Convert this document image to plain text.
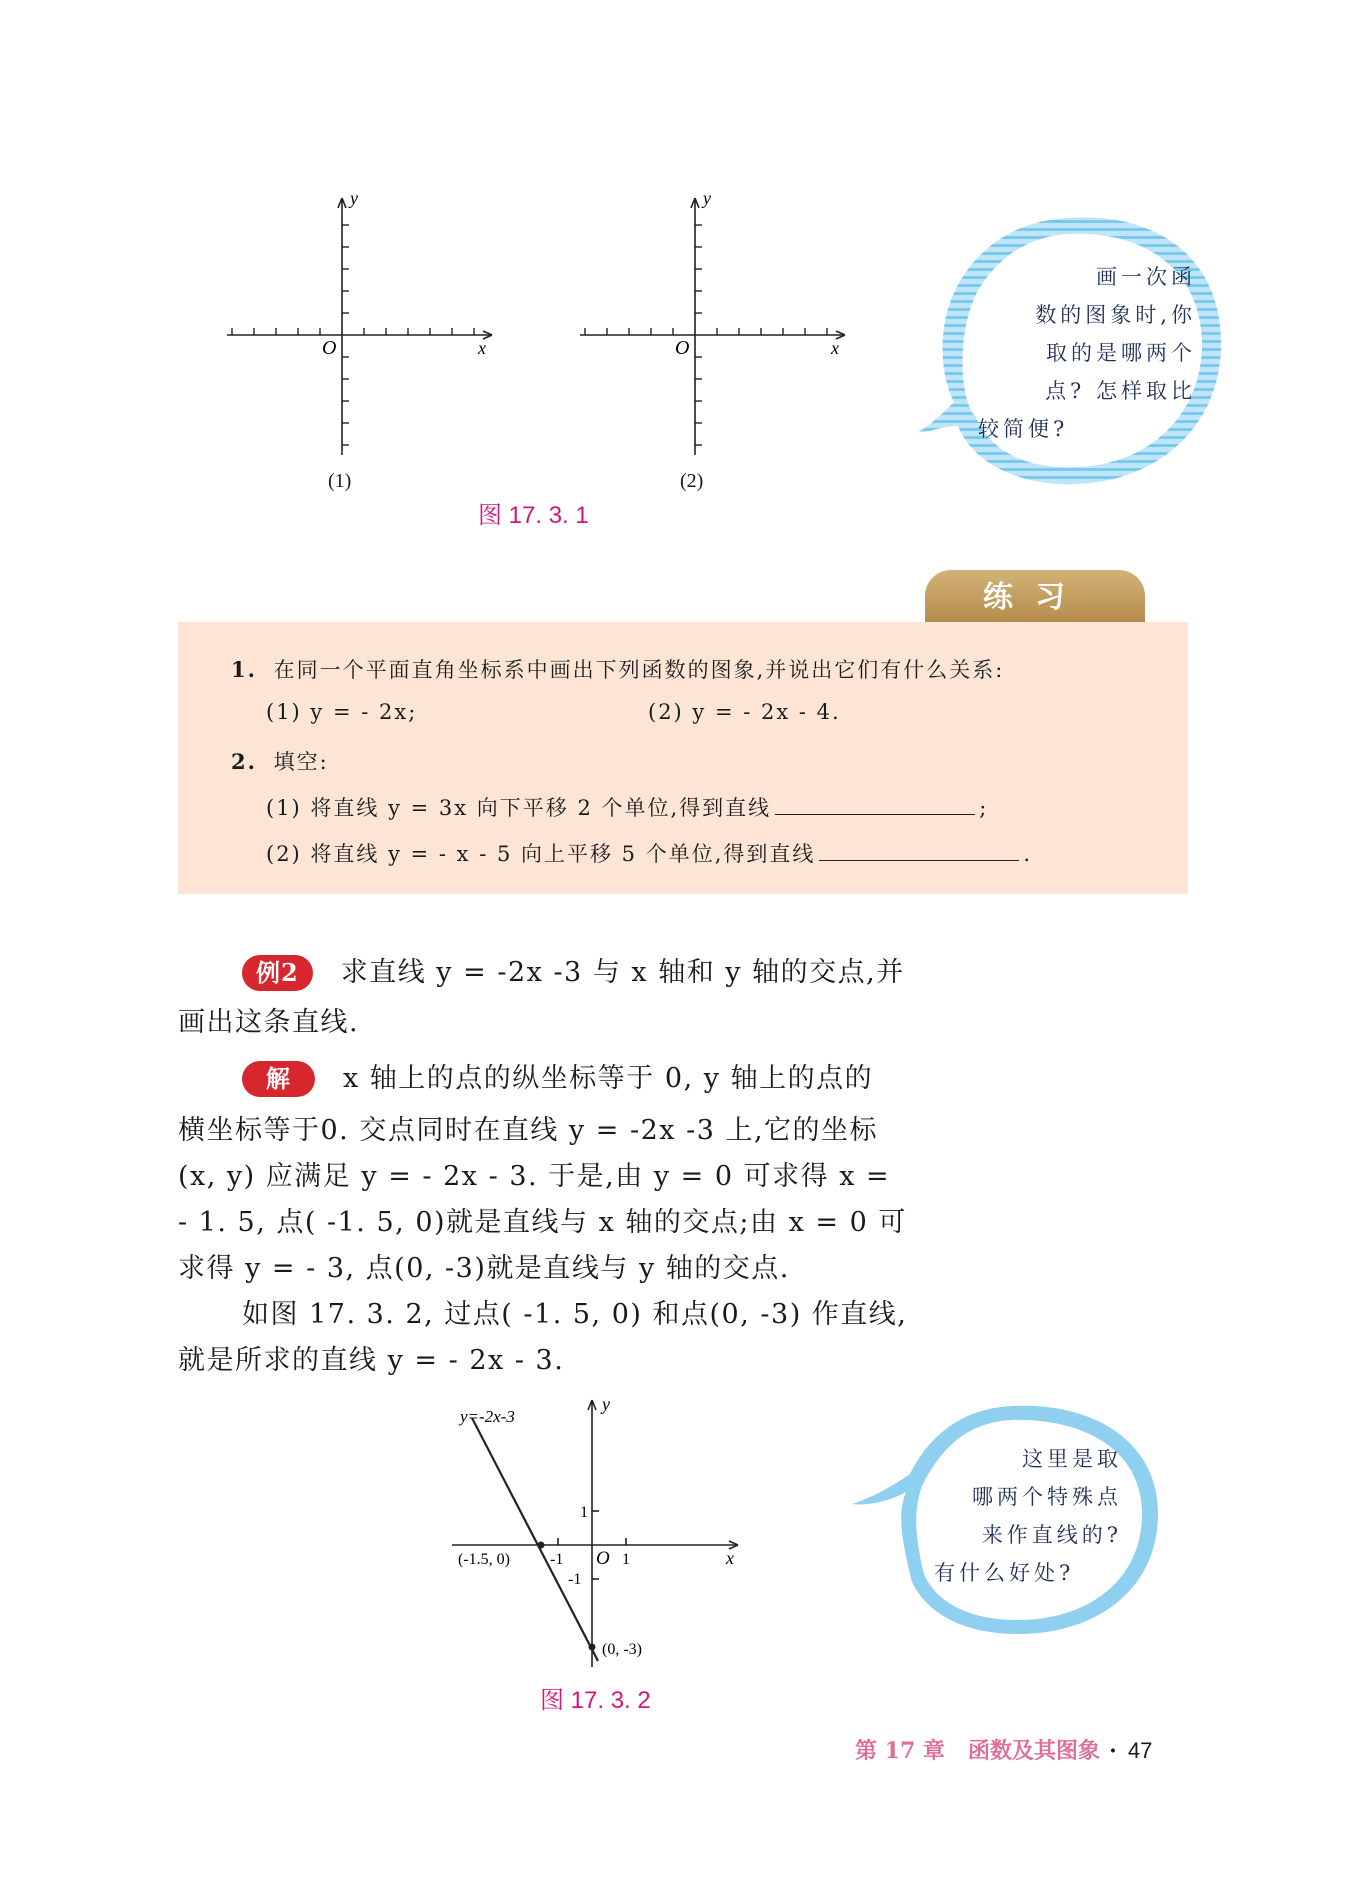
y
x
O
(1)
y
x
O
(2)
图 17. 3. 1
画一次函
数的图象时,你
取的是哪两个
点? 怎样取比
较简便?
练习
1. 在同一个平面直角坐标系中画出下列函数的图象,并说出它们有什么关系:
(1) y = - 2x;	(2) y = - 2x - 4.
2. 填空:
(1) 将直线 y = 3x 向下平移 2 个单位,得到直线	;
(2) 将直线 y = - x - 5 向上平移 5 个单位,得到直线	.
例2 求直线 y = -2x -3 与 x 轴和 y 轴的交点,并
画出这条直线.
解 x 轴上的点的纵坐标等于 0, y 轴上的点的
横坐标等于0. 交点同时在直线 y = -2x -3 上,它的坐标
(x, y) 应满足 y = - 2x - 3. 于是,由 y = 0 可求得 x =
- 1. 5, 点( -1. 5, 0)就是直线与 x 轴的交点;由 x = 0 可
求得 y = - 3, 点(0, -3)就是直线与 y 轴的交点.
如图 17. 3. 2, 过点( -1. 5, 0) 和点(0, -3) 作直线,
就是所求的直线 y = - 2x - 3.
y=-2x-3
y
x
O 1
-1
1
-1
(-1.5, 0)
(0, -3)
图 17. 3. 2
这里是取
哪两个特殊点
来作直线的?
有什么好处?
第 17 章 函数及其图象 · 47
